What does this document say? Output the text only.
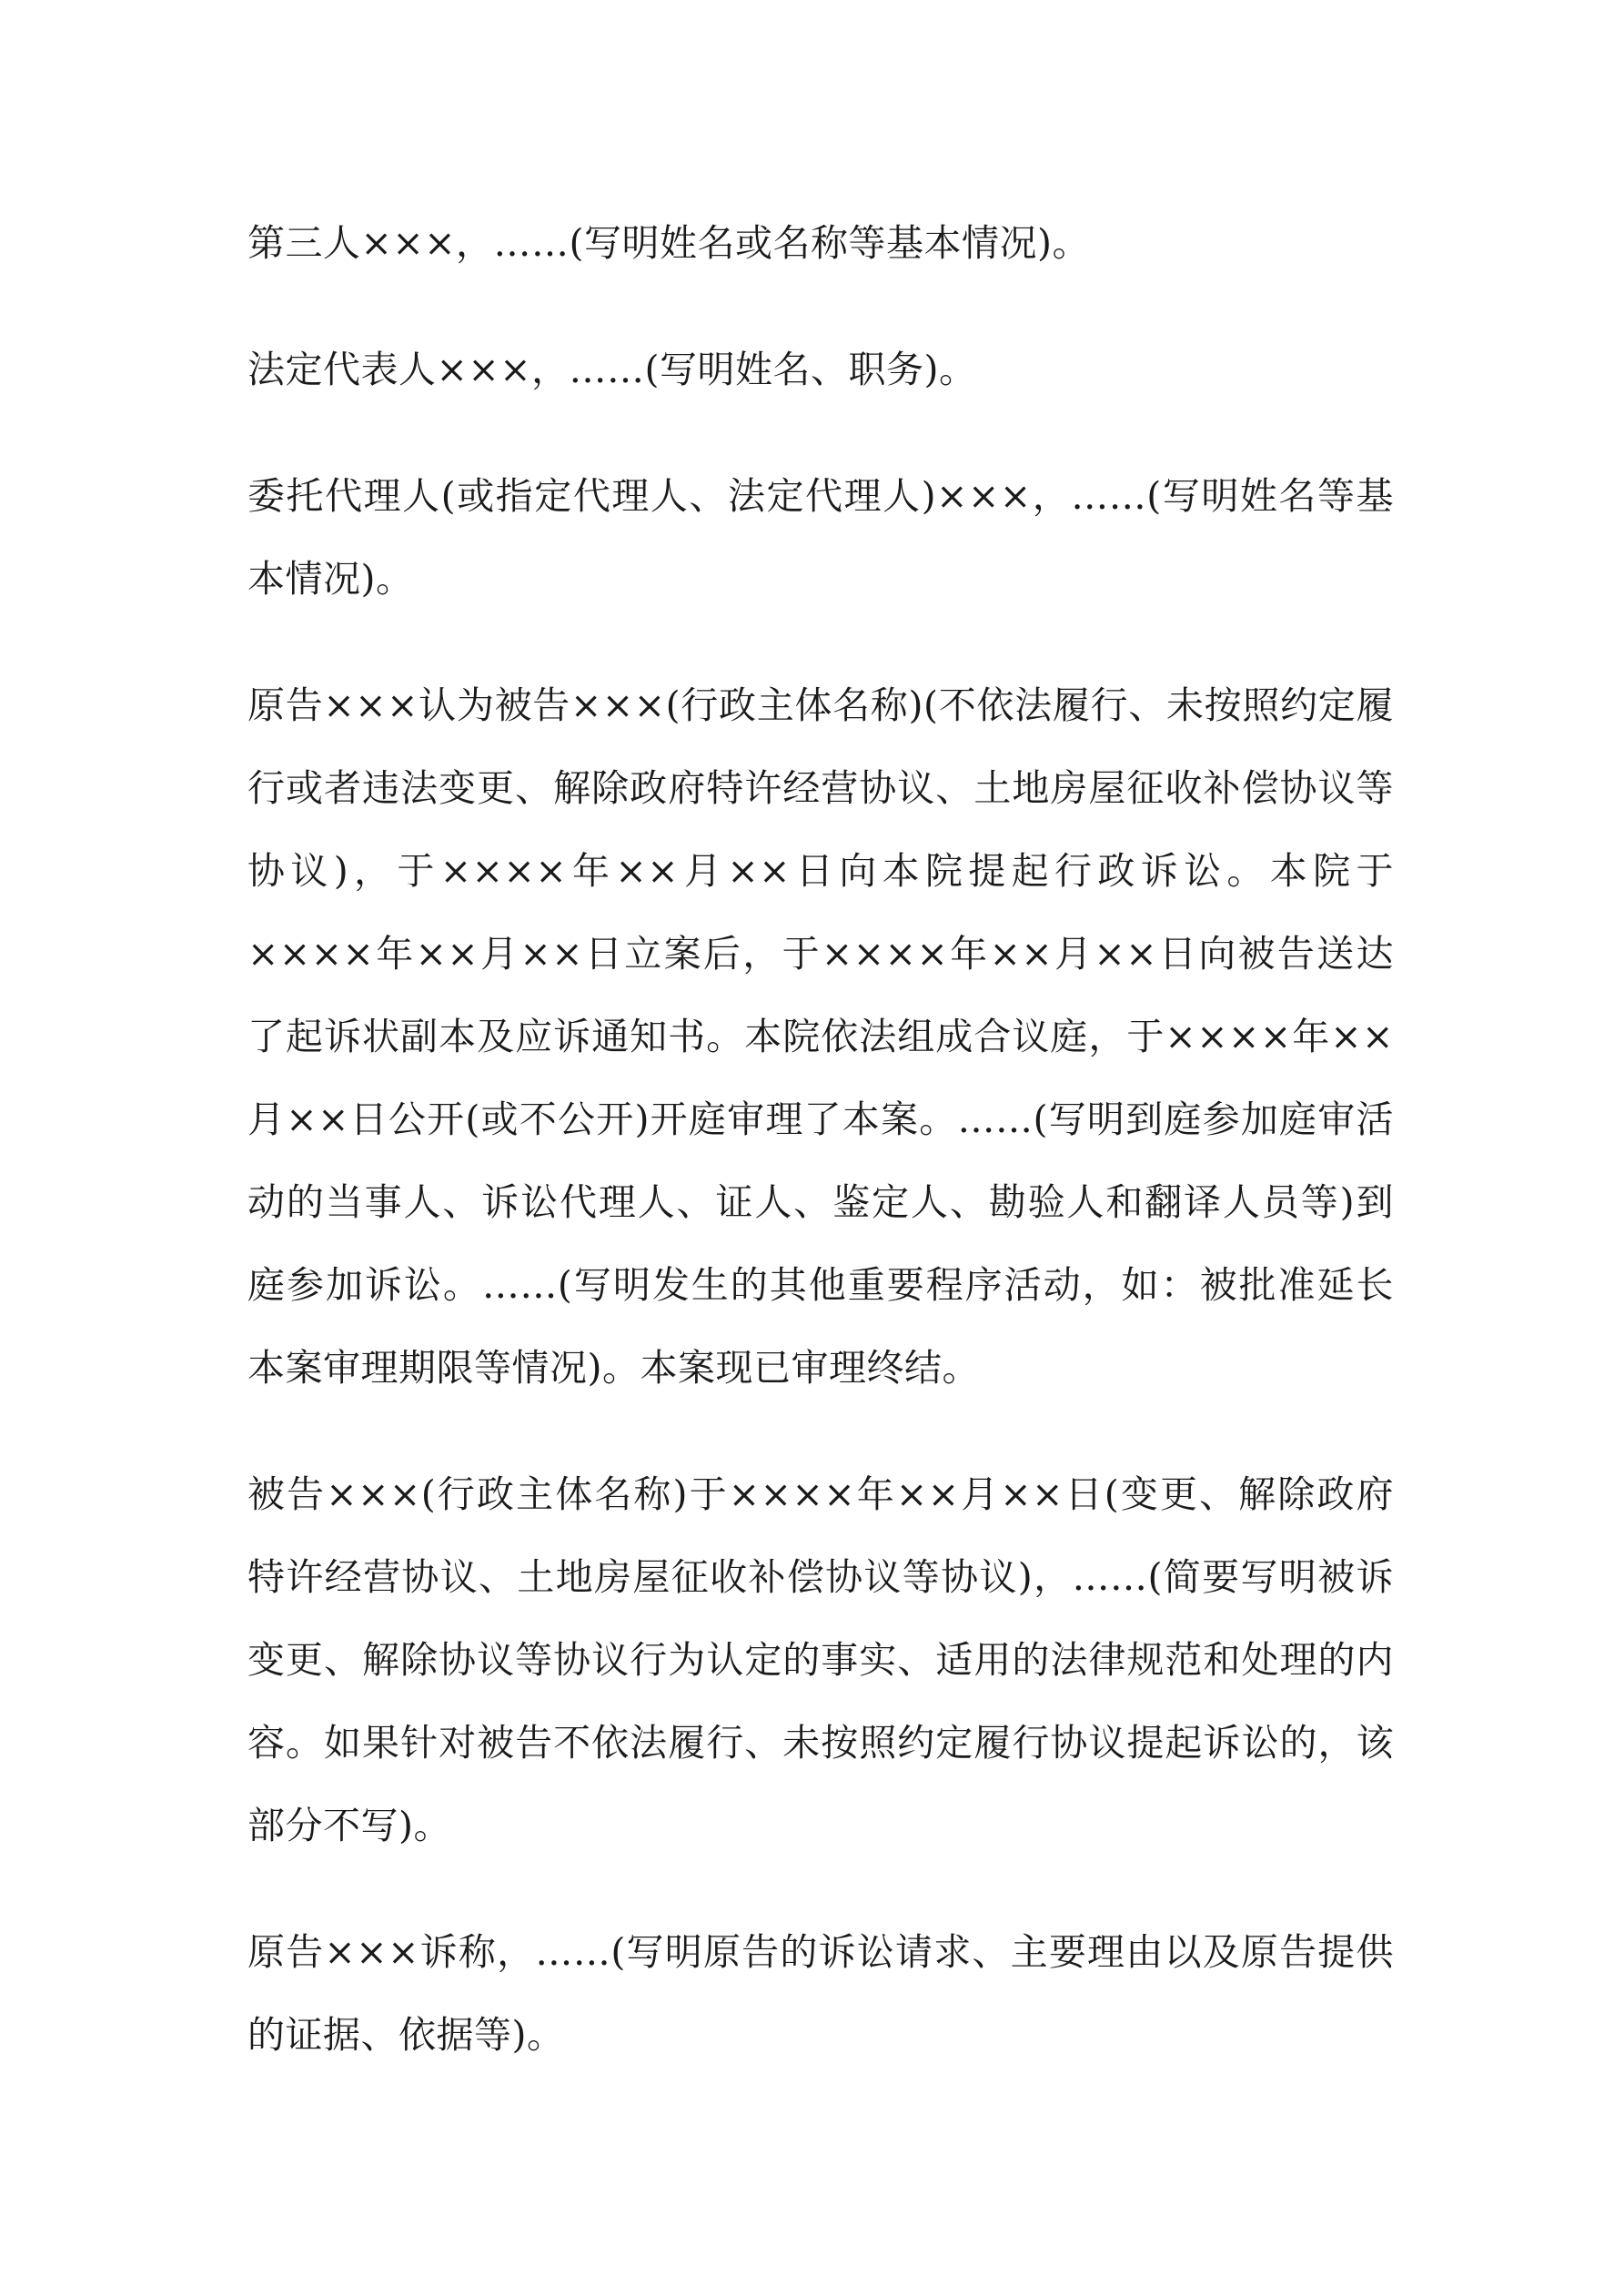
第三人×××，……(写明姓名或名称等基本情况)。

法定代表人×××，……(写明姓名、职务)。

委托代理人(或指定代理人、法定代理人)×××，……(写明姓名等基本情况)。

原告×××认为被告×××(行政主体名称)(不依法履行、未按照约定履行或者违法变更、解除政府特许经营协议、土地房屋征收补偿协议等协议)，于××××年××月××日向本院提起行政诉讼。本院于××××年××月××日立案后，于××××年××月××日向被告送达了起诉状副本及应诉通知书。本院依法组成合议庭，于××××年××月××日公开(或不公开)开庭审理了本案。……(写明到庭参加庭审活动的当事人、诉讼代理人、证人、鉴定人、勘验人和翻译人员等)到庭参加诉讼。……(写明发生的其他重要程序活动，如：被批准延长本案审理期限等情况)。本案现已审理终结。

被告×××(行政主体名称)于××××年××月××日(变更、解除政府特许经营协议、土地房屋征收补偿协议等协议)，……(简要写明被诉变更、解除协议等协议行为认定的事实、适用的法律规范和处理的内容。如果针对被告不依法履行、未按照约定履行协议提起诉讼的，该部分不写)。

原告×××诉称，……(写明原告的诉讼请求、主要理由以及原告提供的证据、依据等)。
